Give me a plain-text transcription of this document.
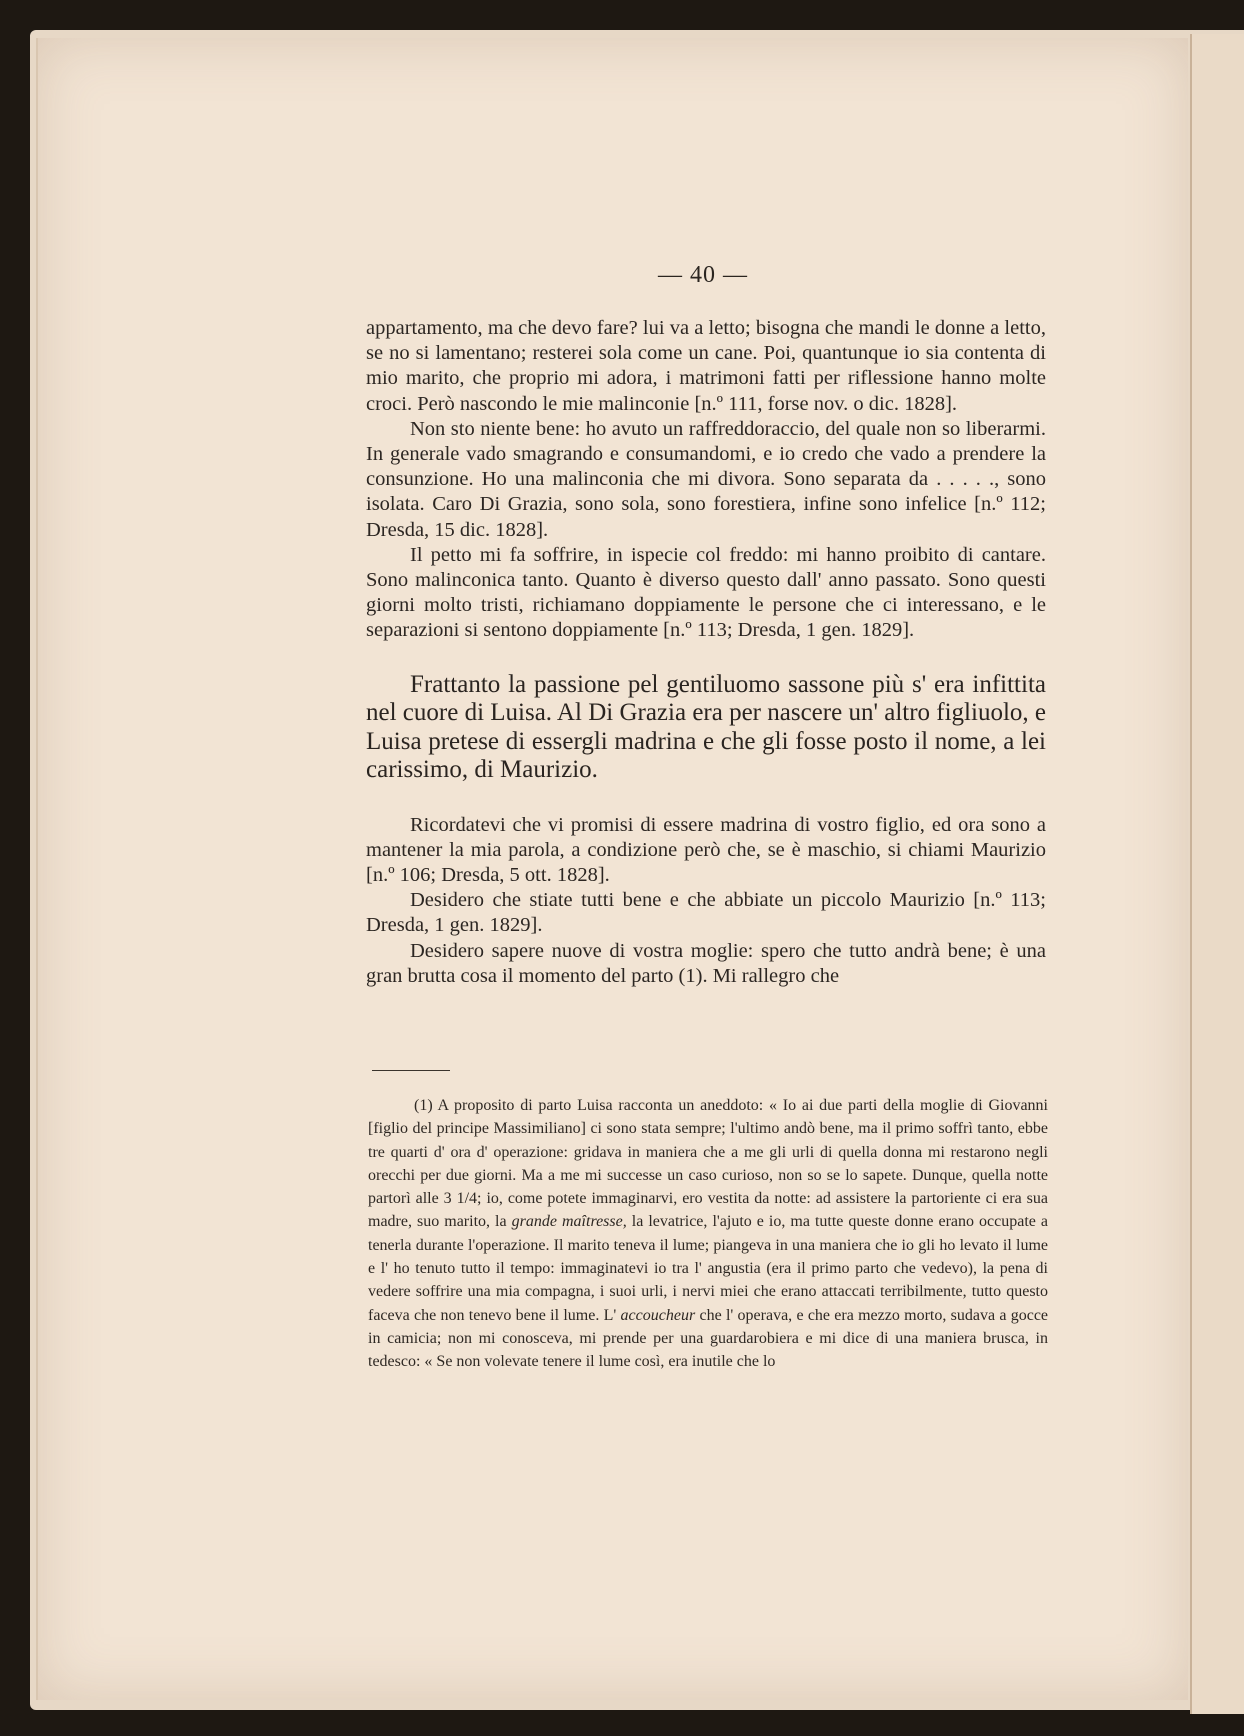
— 40 —

appartamento, ma che devo fare? lui va a letto; bisogna che mandi le donne a letto, se no si lamentano; resterei sola come un cane. Poi, quantunque io sia contenta di mio marito, che proprio mi adora, i matrimoni fatti per riflessione hanno molte croci. Però nascondo le mie malinconie [n.º 111, forse nov. o dic. 1828].

Non sto niente bene: ho avuto un raffreddoraccio, del quale non so liberarmi. In generale vado smagrando e consumandomi, e io credo che vado a prendere la consunzione. Ho una malinconia che mi divora. Sono separata da . . . . ., sono isolata. Caro Di Grazia, sono sola, sono forestiera, infine sono infelice [n.º 112; Dresda, 15 dic. 1828].

Il petto mi fa soffrire, in ispecie col freddo: mi hanno proibito di cantare. Sono malinconica tanto. Quanto è diverso questo dall' anno passato. Sono questi giorni molto tristi, richiamano doppiamente le persone che ci interessano, e le separazioni si sentono doppiamente [n.º 113; Dresda, 1 gen. 1829].

Frattanto la passione pel gentiluomo sassone più s' era infittita nel cuore di Luisa. Al Di Grazia era per nascere un' altro figliuolo, e Luisa pretese di essergli madrina e che gli fosse posto il nome, a lei carissimo, di Maurizio.

Ricordatevi che vi promisi di essere madrina di vostro figlio, ed ora sono a mantener la mia parola, a condizione però che, se è maschio, si chiami Maurizio [n.º 106; Dresda, 5 ott. 1828].

Desidero che stiate tutti bene e che abbiate un piccolo Maurizio [n.º 113; Dresda, 1 gen. 1829].

Desidero sapere nuove di vostra moglie: spero che tutto andrà bene; è una gran brutta cosa il momento del parto (1). Mi rallegro che

(1) A proposito di parto Luisa racconta un aneddoto: « Io ai due parti della moglie di Giovanni [figlio del principe Massimiliano] ci sono stata sempre; l'ultimo andò bene, ma il primo soffrì tanto, ebbe tre quarti d' ora d' operazione: gridava in maniera che a me gli urli di quella donna mi restarono negli orecchi per due giorni. Ma a me mi successe un caso curioso, non so se lo sapete. Dunque, quella notte partorì alle 3 1/4; io, come potete immaginarvi, ero vestita da notte: ad assistere la partoriente ci era sua madre, suo marito, la grande maîtresse, la levatrice, l'ajuto e io, ma tutte queste donne erano occupate a tenerla durante l'operazione. Il marito teneva il lume; piangeva in una maniera che io gli ho levato il lume e l' ho tenuto tutto il tempo: immaginatevi io tra l' angustia (era il primo parto che vedevo), la pena di vedere soffrire una mia compagna, i suoi urli, i nervi miei che erano attaccati terribilmente, tutto questo faceva che non tenevo bene il lume. L' accoucheur che l' operava, e che era mezzo morto, sudava a gocce in camicia; non mi conosceva, mi prende per una guardarobiera e mi dice di una maniera brusca, in tedesco: « Se non volevate tenere il lume così, era inutile che lo
